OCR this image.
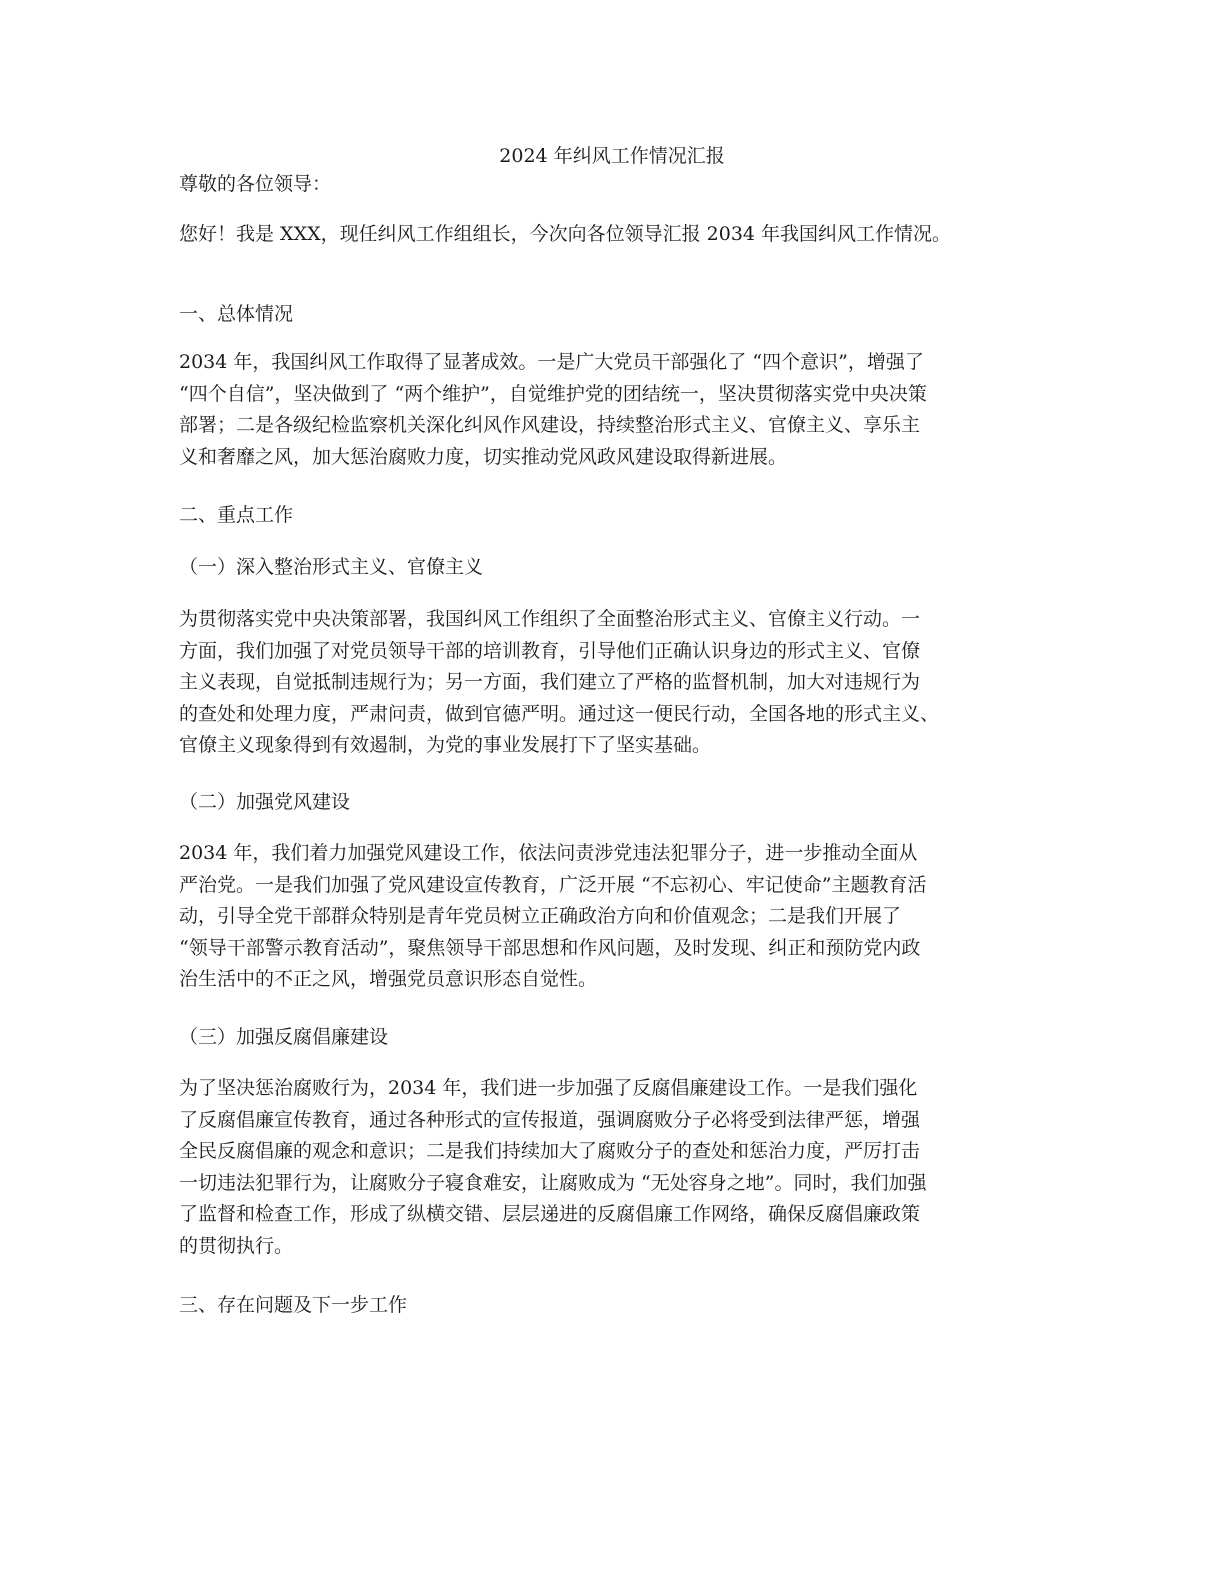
2024 年纠风工作情况汇报

尊敬的各位领导：

您好！我是 XXX，现任纠风工作组组长，今次向各位领导汇报 2034 年我国纠风工作情况。

一、总体情况

2034 年，我国纠风工作取得了显著成效。一是广大党员干部强化了 “四个意识”，增强了
“四个自信”，坚决做到了 “两个维护”，自觉维护党的团结统一，坚决贯彻落实党中央决策
部署；二是各级纪检监察机关深化纠风作风建设，持续整治形式主义、官僚主义、享乐主
义和奢靡之风，加大惩治腐败力度，切实推动党风政风建设取得新进展。

二、重点工作

（一）深入整治形式主义、官僚主义

为贯彻落实党中央决策部署，我国纠风工作组织了全面整治形式主义、官僚主义行动。一
方面，我们加强了对党员领导干部的培训教育，引导他们正确认识身边的形式主义、官僚
主义表现，自觉抵制违规行为；另一方面，我们建立了严格的监督机制，加大对违规行为
的查处和处理力度，严肃问责，做到官德严明。通过这一便民行动，全国各地的形式主义、
官僚主义现象得到有效遏制，为党的事业发展打下了坚实基础。

（二）加强党风建设

2034 年，我们着力加强党风建设工作，依法问责涉党违法犯罪分子，进一步推动全面从
严治党。一是我们加强了党风建设宣传教育，广泛开展 “不忘初心、牢记使命”主题教育活
动，引导全党干部群众特别是青年党员树立正确政治方向和价值观念；二是我们开展了
“领导干部警示教育活动”，聚焦领导干部思想和作风问题，及时发现、纠正和预防党内政
治生活中的不正之风，增强党员意识形态自觉性。

（三）加强反腐倡廉建设

为了坚决惩治腐败行为，2034 年，我们进一步加强了反腐倡廉建设工作。一是我们强化
了反腐倡廉宣传教育，通过各种形式的宣传报道，强调腐败分子必将受到法律严惩，增强
全民反腐倡廉的观念和意识；二是我们持续加大了腐败分子的查处和惩治力度，严厉打击
一切违法犯罪行为，让腐败分子寝食难安，让腐败成为 “无处容身之地”。同时，我们加强
了监督和检查工作，形成了纵横交错、层层递进的反腐倡廉工作网络，确保反腐倡廉政策
的贯彻执行。

三、存在问题及下一步工作
